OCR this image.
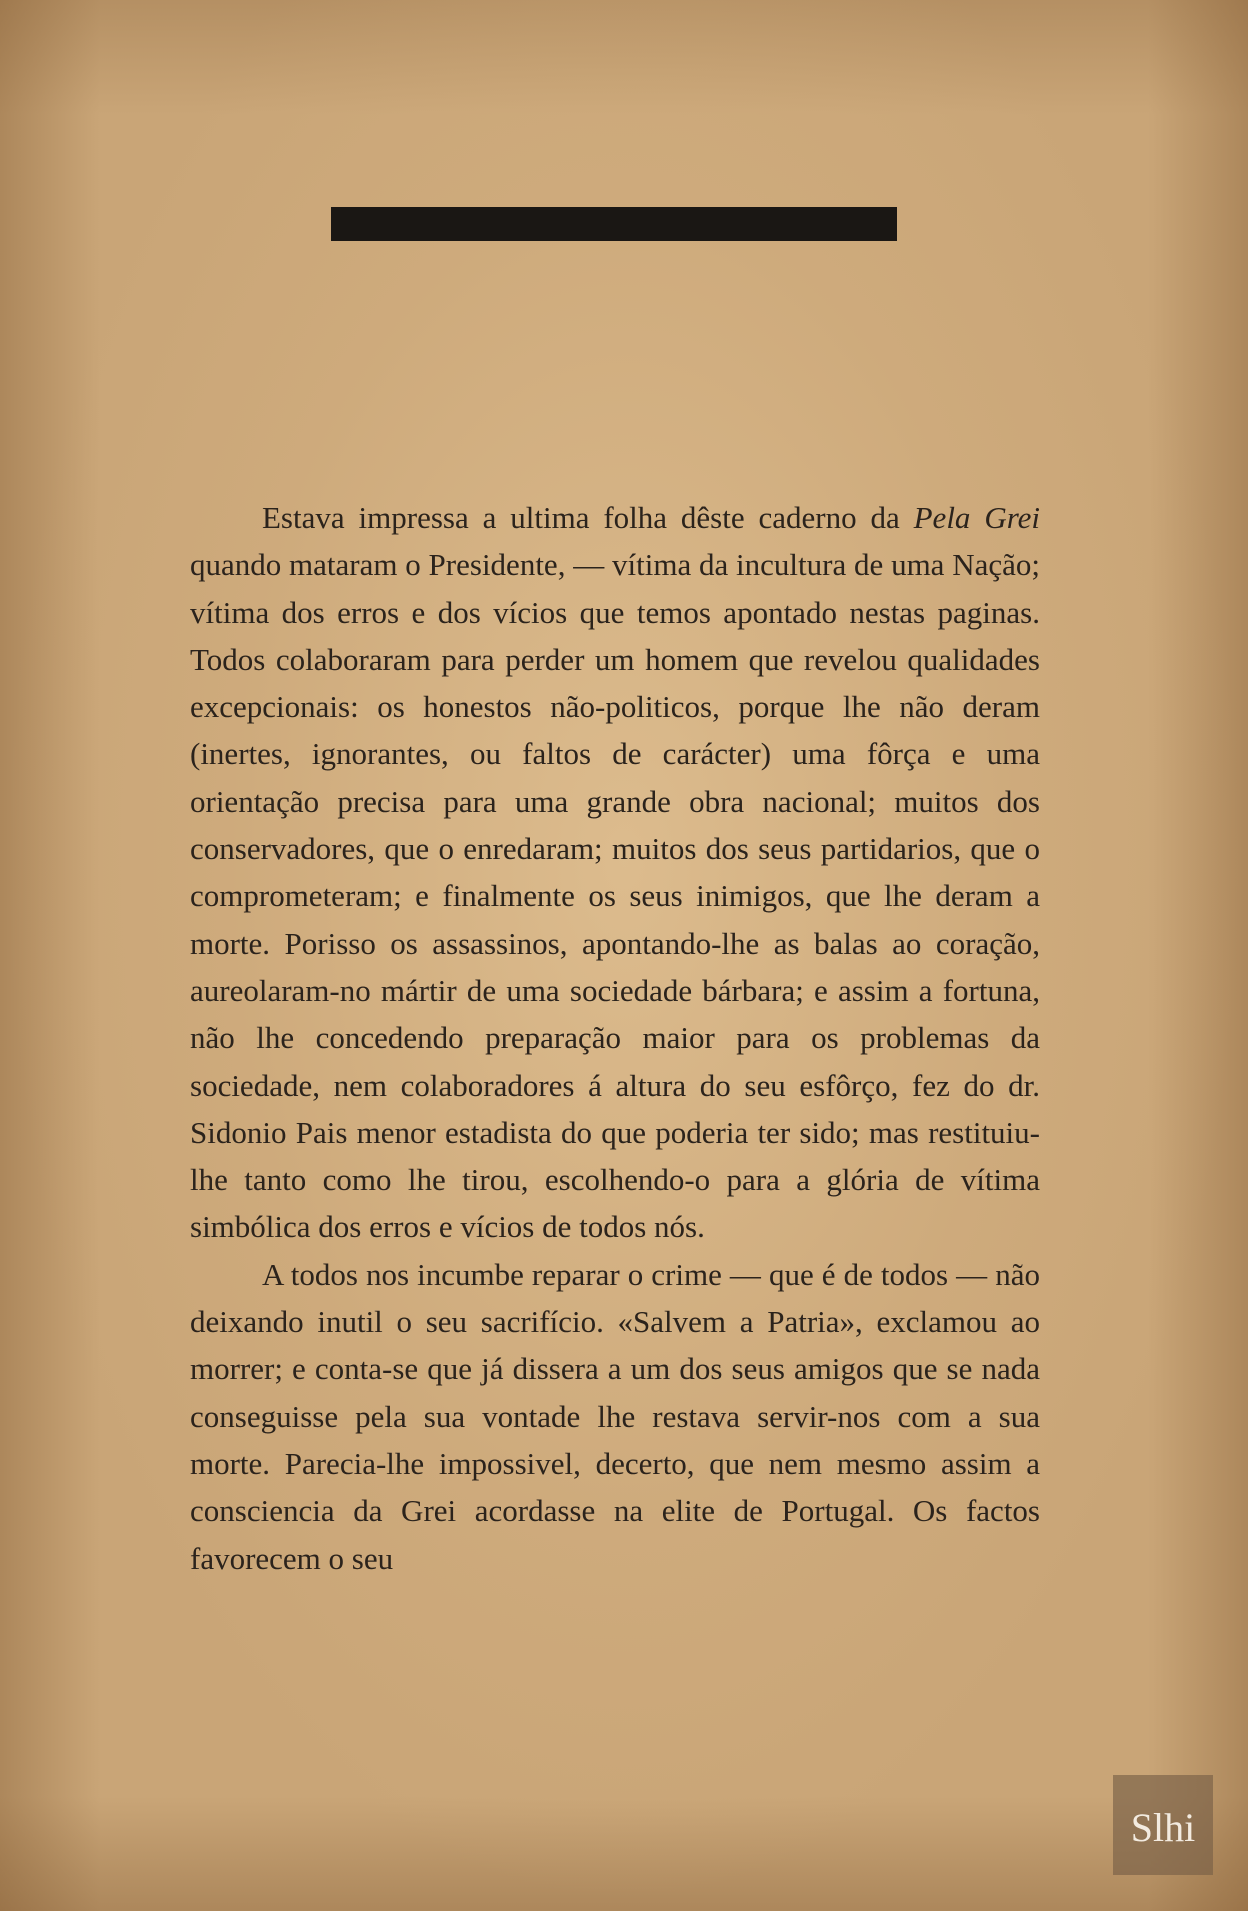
Estava impressa a ultima folha dêste caderno da Pela Grei quando mataram o Presidente, — vítima da incultura de uma Nação; vítima dos erros e dos vícios que temos apontado nestas paginas. Todos colaboraram para perder um homem que revelou qualidades excepcionais: os honestos não-politicos, porque lhe não deram (inertes, ignorantes, ou faltos de carácter) uma fôrça e uma orientação precisa para uma grande obra nacional; muitos dos conservadores, que o enredaram; muitos dos seus partidarios, que o comprometeram; e finalmente os seus inimigos, que lhe deram a morte. Porisso os assassinos, apontando-lhe as balas ao coração, aureolaram-no mártir de uma sociedade bárbara; e assim a fortuna, não lhe concedendo preparação maior para os problemas da sociedade, nem colaboradores á altura do seu esfôrço, fez do dr. Sidonio Pais menor estadista do que poderia ter sido; mas restituiu-lhe tanto como lhe tirou, escolhendo-o para a glória de vítima simbólica dos erros e vícios de todos nós.

A todos nos incumbe reparar o crime — que é de todos — não deixando inutil o seu sacrifício. «Salvem a Patria», exclamou ao morrer; e conta-se que já dissera a um dos seus amigos que se nada conseguisse pela sua vontade lhe restava servir-nos com a sua morte. Parecia-lhe impossivel, decerto, que nem mesmo assim a consciencia da Grei acordasse na elite de Portugal. Os factos favorecem o seu

Slhi
